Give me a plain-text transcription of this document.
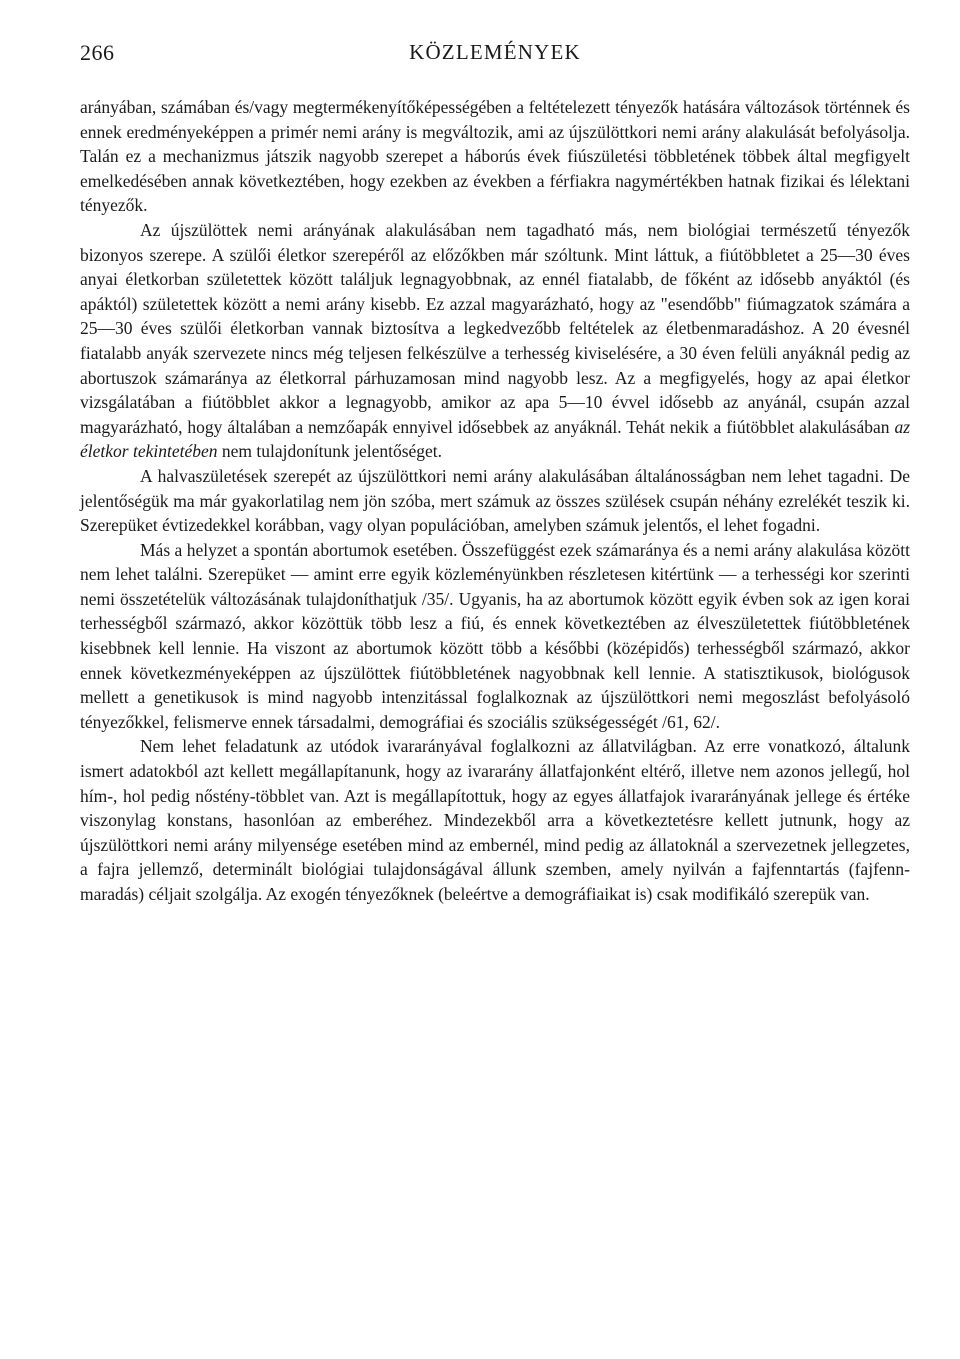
266	KÖZLEMÉNYEK

arányában, számában és/vagy megtermékenyítőképességében a feltételezett tényezők hatására változások történnek és ennek eredményeképpen a primér nemi arány is megváltozik, ami az újszülöttkori nemi arány alakulását befolyásolja. Talán ez a mechanizmus játszik nagyobb szerepet a háborús évek fiúszületési többletének többek által megfigyelt emelkedésében annak következtében, hogy ezekben az években a férfiakra nagymértékben hatnak fizikai és lélektani tényezők.

Az újszülöttek nemi arányának alakulásában nem tagadható más, nem biológiai természetű tényezők bizonyos szerepe. A szülői életkor szerepéről az előzőkben már szóltunk. Mint láttuk, a fiútöbbletet a 25—30 éves anyai életkorban születettek között találjuk legnagyobbnak, az ennél fiatalabb, de főként az idősebb anyáktól (és apáktól) születettek között a nemi arány kisebb. Ez azzal magyarázható, hogy az "esendőbb" fiúmagzatok számára a 25—30 éves szülői életkorban vannak biztosítva a legkedvezőbb feltételek az életbenmaradáshoz. A 20 évesnél fiatalabb anyák szervezete nincs még teljesen felkészülve a terhesség kiviselésére, a 30 éven felüli anyáknál pedig az abortuszok számaránya az életkorral párhuzamosan mind nagyobb lesz. Az a megfigyelés, hogy az apai életkor vizsgálatában a fiútöbblet akkor a legnagyobb, amikor az apa 5—10 évvel idősebb az anyánál, csupán azzal magyarázható, hogy általában a nemzőapák ennyivel idősebbek az anyáknál. Tehát nekik a fiútöbblet alakulásában az életkor tekintetében nem tulajdonítunk jelentőséget.

A halvaszületések szerepét az újszülöttkori nemi arány alakulásában általánosságban nem lehet tagadni. De jelentőségük ma már gyakorlatilag nem jön szóba, mert számuk az összes szülések csupán néhány ezrelékét teszik ki. Szerepüket évtizedekkel korábban, vagy olyan populációban, amelyben számuk jelentős, el lehet fogadni.

Más a helyzet a spontán abortumok esetében. Összefüggést ezek számaránya és a nemi arány alakulása között nem lehet találni. Szerepüket — amint erre egyik közleményünkben részletesen kitértünk — a terhességi kor szerinti nemi összetételük változásának tulajdoníthatjuk /35/. Ugyanis, ha az abortumok között egyik évben sok az igen korai terhességből származó, akkor közöttük több lesz a fiú, és ennek következtében az élveszületettek fiútöbbletének kisebbnek kell lennie. Ha viszont az abortumok között több a későbbi (középidős) terhességből származó, akkor ennek következményeképpen az újszülöttek fiútöbbletének nagyobbnak kell lennie. A statisztikusok, biológusok mellett a genetikusok is mind nagyobb intenzitással foglalkoznak az újszülöttkori nemi megoszlást befolyásoló tényezőkkel, felismerve ennek társadalmi, demográfiai és szociális szükségességét /61, 62/.

Nem lehet feladatunk az utódok ivararányával foglalkozni az állatvilágban. Az erre vonatkozó, általunk ismert adatokból azt kellett megállapítanunk, hogy az ivararány állatfajonként eltérő, illetve nem azonos jellegű, hol hím-, hol pedig nőstény-többlet van. Azt is megállapítottuk, hogy az egyes állatfajok ivararányának jellege és értéke viszonylag konstans, hasonlóan az emberéhez. Mindezekből arra a következtetésre kellett jutnunk, hogy az újszülöttkori nemi arány milyensége esetében mind az embernél, mind pedig az állatoknál a szervezetnek jellegzetes, a fajra jellemző, determinált biológiai tulajdonságával állunk szemben, amely nyilván a fajfenntartás (fajfenn-maradás) céljait szolgálja. Az exogén tényezőknek (beleértve a demográfiaikat is) csak modifikáló szerepük van.
